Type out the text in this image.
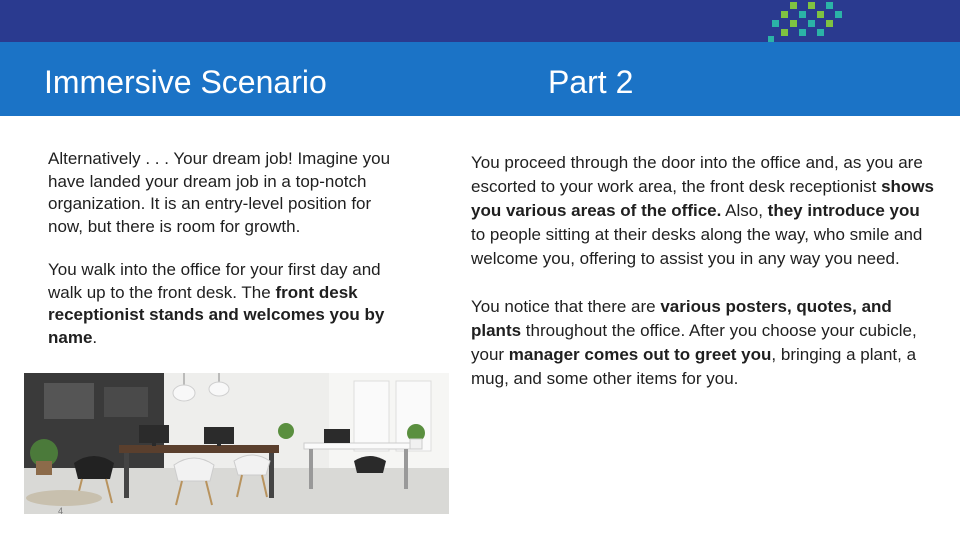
Immersive Scenario	Part 2

Alternatively . . . Your dream job! Imagine you have landed your dream job in a top-notch organization. It is an entry-level position for now, but there is room for growth.

You walk into the office for your first day and walk up to the front desk. The front desk receptionist stands and welcomes you by name.

You proceed through the door into the office and, as you are escorted to your work area, the front desk receptionist shows you various areas of the office. Also, they introduce you to people sitting at their desks along the way, who smile and welcome you, offering to assist you in any way you need.

You notice that there are various posters, quotes, and plants throughout the office. After you choose your cubicle, your manager comes out to greet you, bringing a plant, a mug, and some other items for you.

4
